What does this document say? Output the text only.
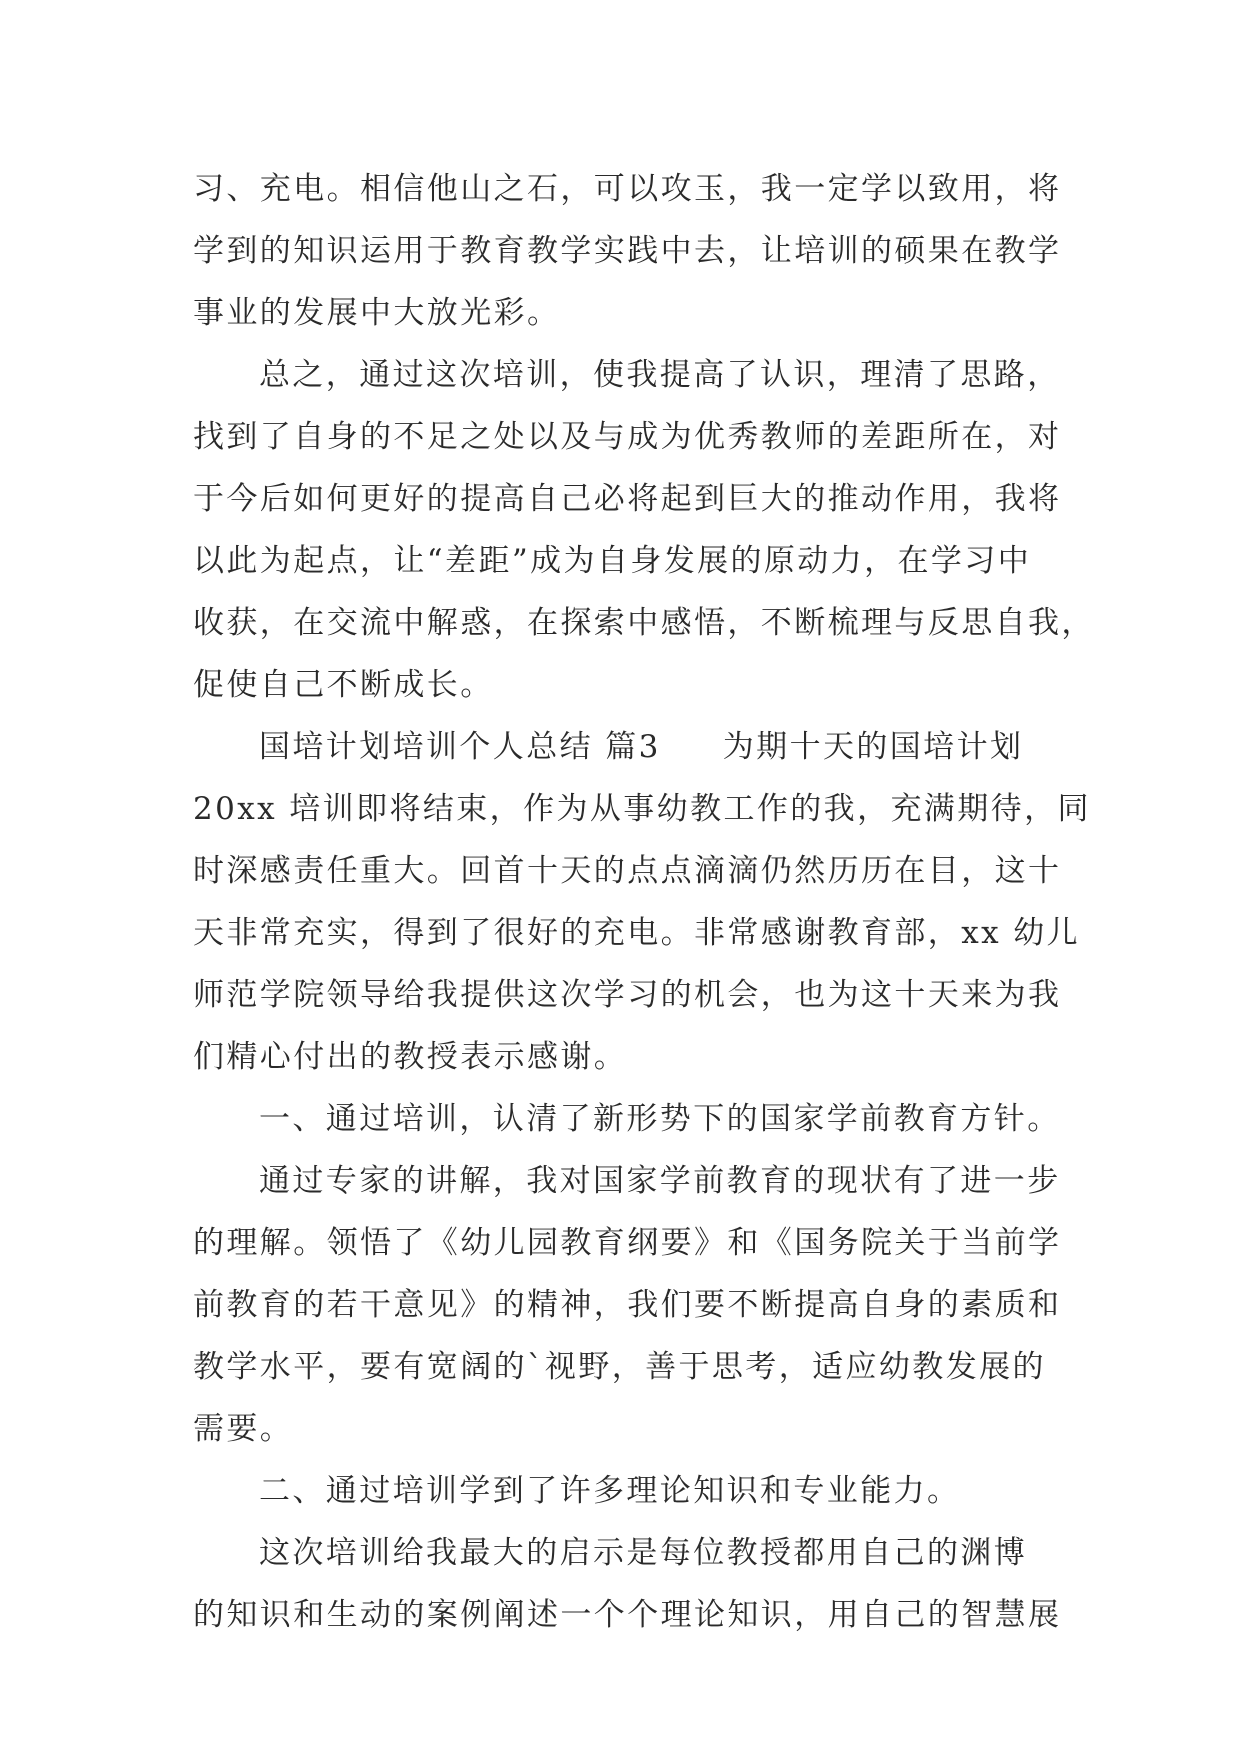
习、充电。相信他山之石，可以攻玉，我一定学以致用，将
学到的知识运用于教育教学实践中去，让培训的硕果在教学
事业的发展中大放光彩。
总之，通过这次培训，使我提高了认识，理清了思路，
找到了自身的不足之处以及与成为优秀教师的差距所在，对
于今后如何更好的提高自己必将起到巨大的推动作用，我将
以此为起点，让“差距”成为自身发展的原动力，在学习中
收获，在交流中解惑，在探索中感悟，不断梳理与反思自我，
促使自己不断成长。
国培计划培训个人总结 篇3 为期十天的国培计划
20xx 培训即将结束，作为从事幼教工作的我，充满期待，同
时深感责任重大。回首十天的点点滴滴仍然历历在目，这十
天非常充实，得到了很好的充电。非常感谢教育部，xx 幼儿
师范学院领导给我提供这次学习的机会，也为这十天来为我
们精心付出的教授表示感谢。
一、通过培训，认清了新形势下的国家学前教育方针。
通过专家的讲解，我对国家学前教育的现状有了进一步
的理解。领悟了《幼儿园教育纲要》和《国务院关于当前学
前教育的若干意见》的精神，我们要不断提高自身的素质和
教学水平，要有宽阔的`视野，善于思考，适应幼教发展的
需要。
二、通过培训学到了许多理论知识和专业能力。
这次培训给我最大的启示是每位教授都用自己的渊博
的知识和生动的案例阐述一个个理论知识，用自己的智慧展
